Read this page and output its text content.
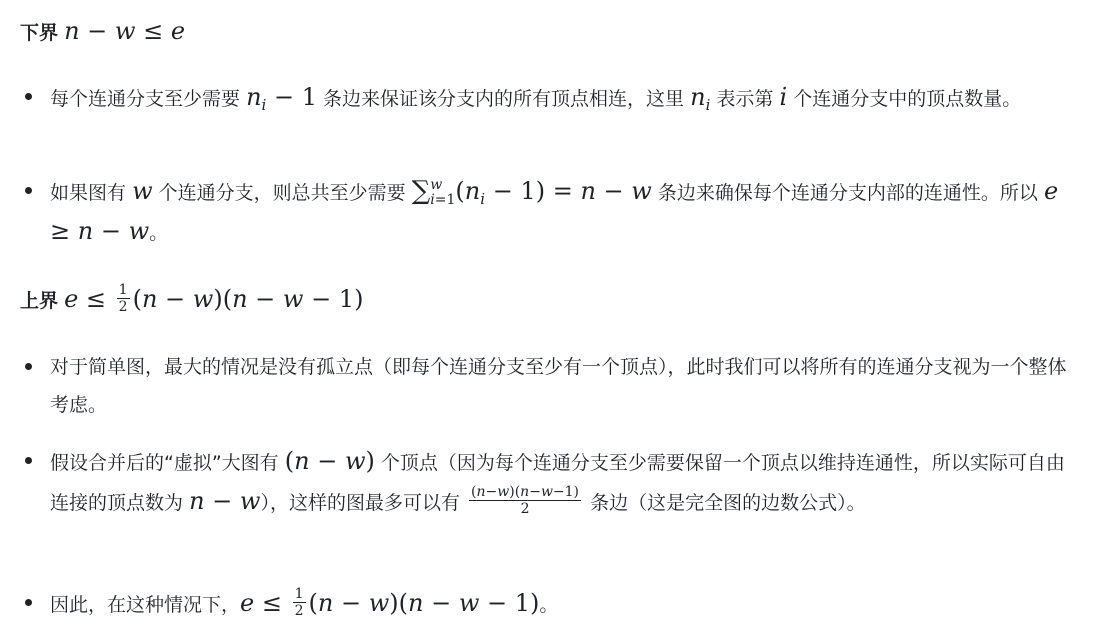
下界 n − w ≤ e
每个连通分支至少需要 $n_i - 1$ 条边来保证该分支内的所有顶点相连，这里 $n_i$ 表示第 i 个连通分支中的顶点数量。
如果图有 w 个连通分支，则总共至少需要 ∑ w
i=1 $(n_i - 1) = n - w$ 条边来确保每个连通分支内部的连通性。所以 e ≥ n − w。
上界 $e \le \frac{1}{2} (n - w)(n - w - 1)$
对于简单图，最大的情况是没有孤立点（即每个连通分支至少有一个顶点），此时我们可以将所有的连通分支视为一个整体考虑。
假设合并后的“虚拟”大图有 (n − w) 个顶点（因为每个连通分支至少需要保留一个顶点以维持连通性，所以实际可自由连接的顶点数为 n − w），这样的图最多可以有 $\frac{(n-w)(n-w-1)}{2}$ 条边（这是完全图的边数公式）。
因此，在这种情况下，$e \le \frac{1}{2} (n - w)(n - w - 1)$。
